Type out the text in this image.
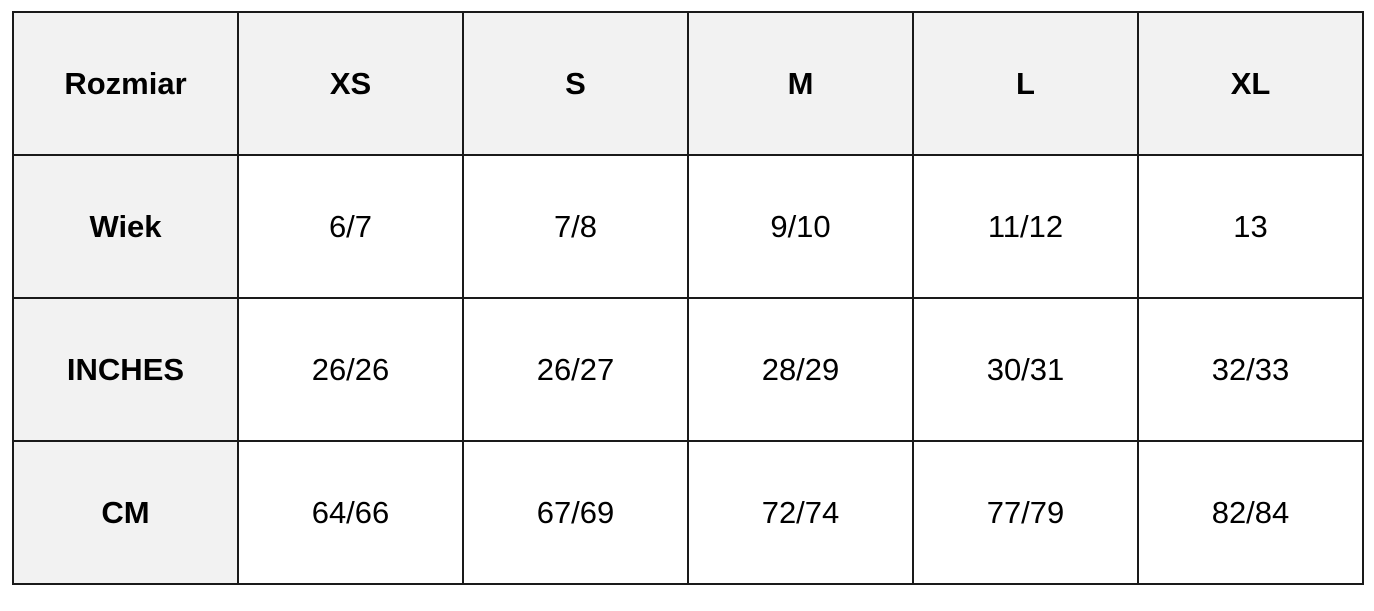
Rozmiar	XS	S	M	L	XL
Wiek	6/7	7/8	9/10	11/12	13
INCHES	26/26	26/27	28/29	30/31	32/33
CM	64/66	67/69	72/74	77/79	82/84
